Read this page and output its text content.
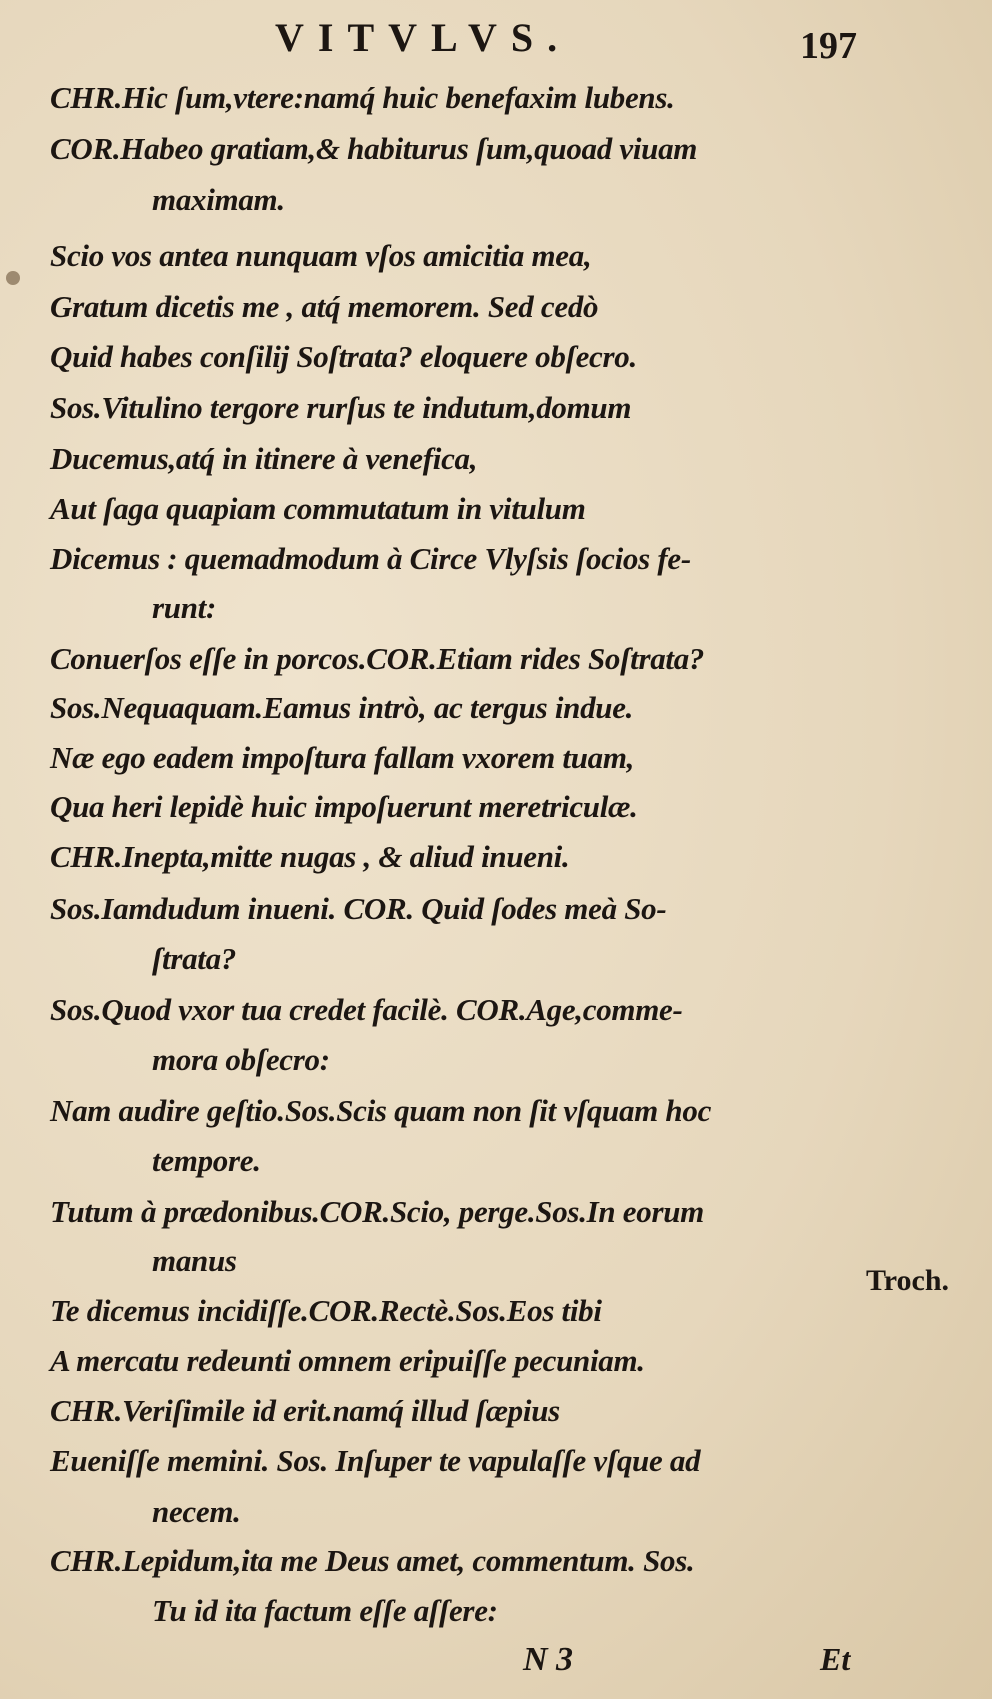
VITVLVS.	197
CHR.Hic ſum,vtere:namq́ huic benefaxim lubens.
COR.Habeo gratiam,& habiturus ſum,quoad viuam
maximam.
Scio vos antea nunquam vſos amicitia mea,
Gratum dicetis me , atq́ memorem. Sed cedò
Quid habes conſilij Soſtrata? eloquere obſecro.
Sos.Vitulino tergore rurſus te indutum,domum
Ducemus,atq́ in itinere à venefica,
Aut ſaga quapiam commutatum in vitulum
Dicemus : quemadmodum à Circe Vlyſsis ſocios fe-
runt:
Conuerſos eſſe in porcos.COR.Etiam rides Soſtrata?
Sos.Nequaquam.Eamus intrò, ac tergus indue.
Næ ego eadem impoſtura fallam vxorem tuam,
Qua heri lepidè huic impoſuerunt meretriculæ.
CHR.Inepta,mitte nugas , & aliud inueni.
Sos.Iamdudum inueni. COR. Quid ſodes meà So-
ſtrata?
Sos.Quod vxor tua credet facilè. COR.Age,comme-
mora obſecro:
Nam audire geſtio.Sos.Scis quam non ſit vſquam hoc
tempore.
Tutum à prædonibus.COR.Scio, perge.Sos.In eorum
manus
Te dicemus incidiſſe.COR.Rectè.Sos.Eos tibi
A mercatu redeunti omnem eripuiſſe pecuniam.
CHR.Veriſimile id erit.namq́ illud ſæpius
Eueniſſe memini. Sos. Inſuper te vapulaſſe vſque ad
necem.
CHR.Lepidum,ita me Deus amet, commentum. Sos.
Tu id ita factum eſſe aſſere:
Troch.
N 3	Et
